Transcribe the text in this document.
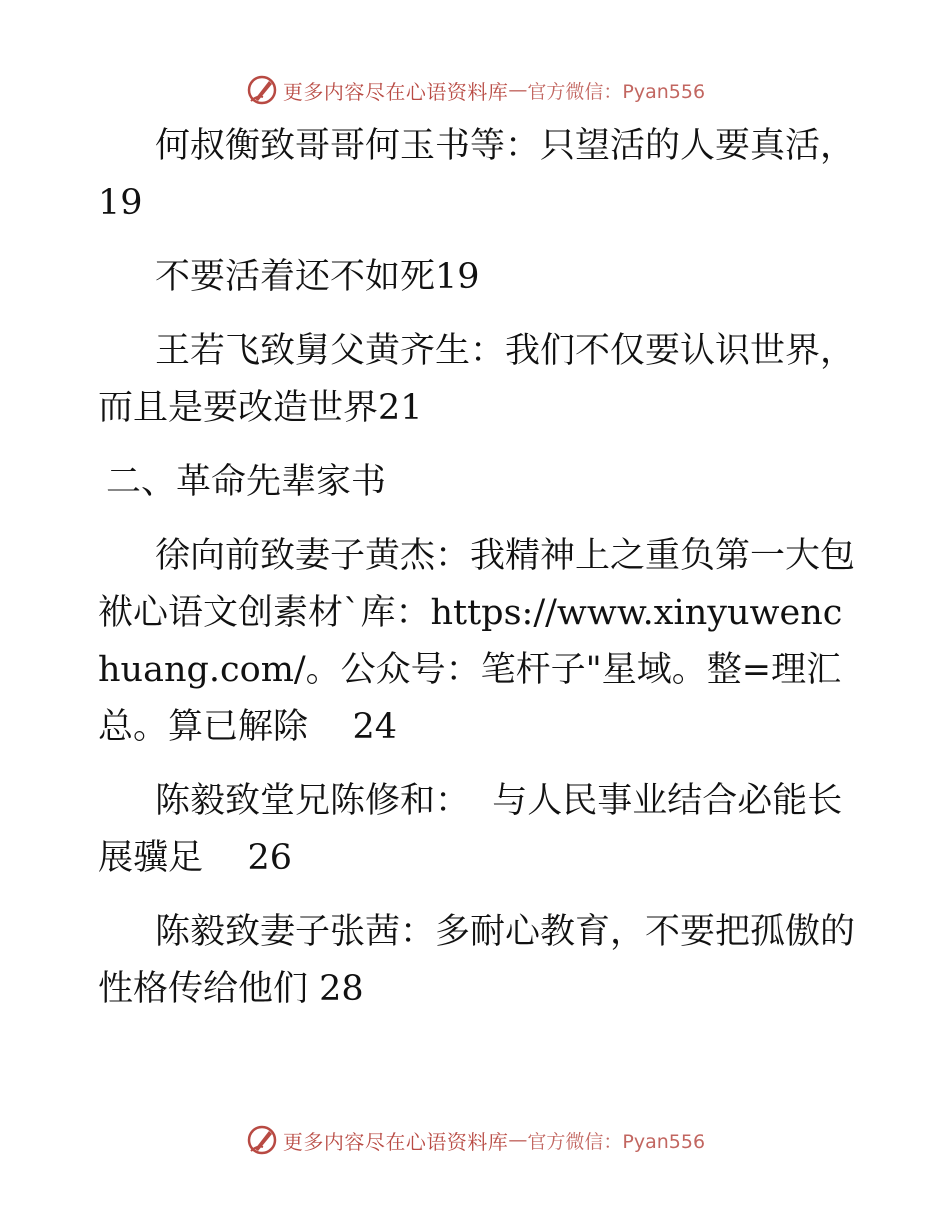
更多内容尽在心语资料库 — 官方微信：Pyan556

何叔衡致哥哥何玉书等：只望活的人要真活，19

不要活着还不如死19

王若飞致舅父黄齐生：我们不仅要认识世界，而且是要改造世界21

二、革命先辈家书

徐向前致妻子黄杰：我精神上之重负第一大包袱心语文创素材`库：https://www.xinyuwenchuang.com/。公众号：笔杆子"星域。整=理汇总。算已解除    24

陈毅致堂兄陈修和：  与人民事业结合必能长展骥足    26

陈毅致妻子张茜：多耐心教育，不要把孤傲的性格传给他们 28

更多内容尽在心语资料库 — 官方微信：Pyan556
